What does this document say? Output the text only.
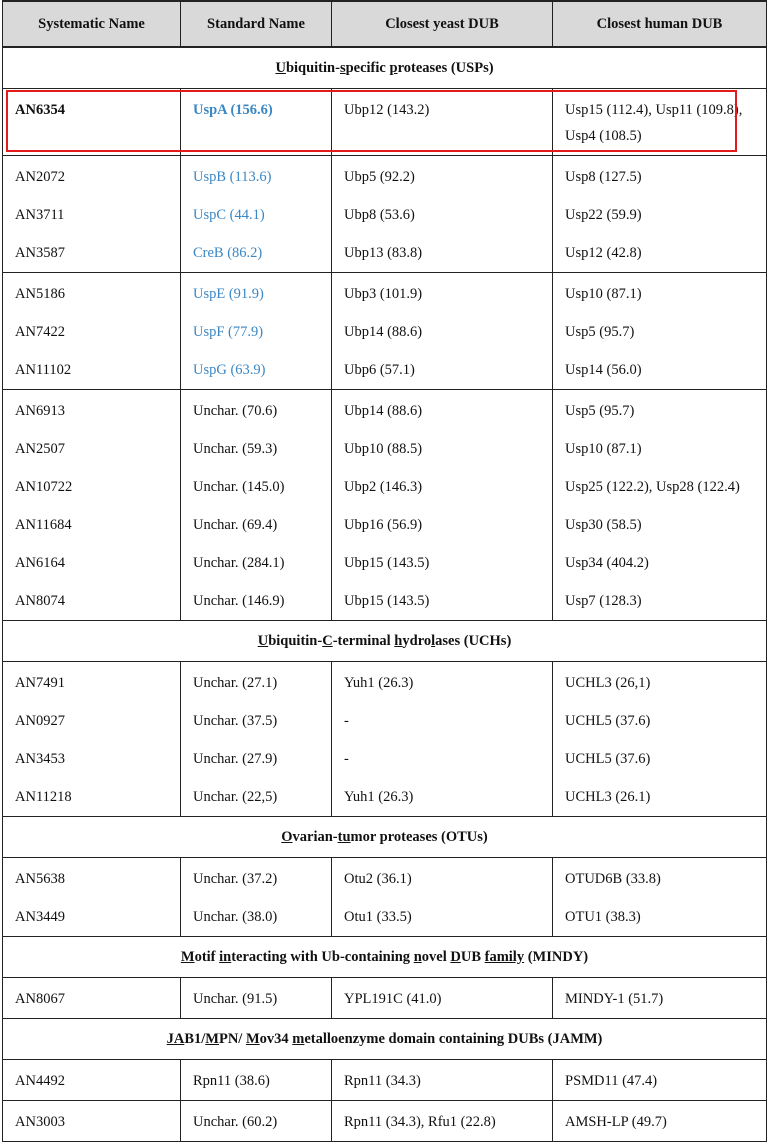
Systematic Name	Standard Name	Closest yeast DUB	Closest human DUB
Ubiquitin-specific proteases (USPs)			
AN6354	UspA (156.6)	Ubp12 (143.2)	Usp15 (112.4), Usp11 (109.8), Usp4 (108.5)
AN2072	UspB (113.6)	Ubp5 (92.2)	Usp8 (127.5)
AN3711	UspC (44.1)	Ubp8 (53.6)	Usp22 (59.9)
AN3587	CreB (86.2)	Ubp13 (83.8)	Usp12 (42.8)
AN5186	UspE (91.9)	Ubp3 (101.9)	Usp10 (87.1)
AN7422	UspF (77.9)	Ubp14 (88.6)	Usp5 (95.7)
AN11102	UspG (63.9)	Ubp6 (57.1)	Usp14 (56.0)
AN6913	Unchar. (70.6)	Ubp14 (88.6)	Usp5 (95.7)
AN2507	Unchar. (59.3)	Ubp10 (88.5)	Usp10 (87.1)
AN10722	Unchar. (145.0)	Ubp2 (146.3)	Usp25 (122.2), Usp28 (122.4)
AN11684	Unchar. (69.4)	Ubp16 (56.9)	Usp30 (58.5)
AN6164	Unchar. (284.1)	Ubp15 (143.5)	Usp34 (404.2)
AN8074	Unchar. (146.9)	Ubp15 (143.5)	Usp7 (128.3)
Ubiquitin-C-terminal hydrolases (UCHs)			
AN7491	Unchar. (27.1)	Yuh1 (26.3)	UCHL3 (26,1)
AN0927	Unchar. (37.5)	-	UCHL5 (37.6)
AN3453	Unchar. (27.9)	-	UCHL5 (37.6)
AN11218	Unchar. (22,5)	Yuh1 (26.3)	UCHL3 (26.1)
Ovarian-tumor proteases (OTUs)			
AN5638	Unchar. (37.2)	Otu2 (36.1)	OTUD6B (33.8)
AN3449	Unchar. (38.0)	Otu1 (33.5)	OTU1 (38.3)
Motif interacting with Ub-containing novel DUB family (MINDY)			
AN8067	Unchar. (91.5)	YPL191C (41.0)	MINDY-1 (51.7)
JAB1/MPN/ Mov34 metalloenzyme domain containing DUBs (JAMM)			
AN4492	Rpn11 (38.6)	Rpn11 (34.3)	PSMD11 (47.4)
AN3003	Unchar. (60.2)	Rpn11 (34.3), Rfu1 (22.8)	AMSH-LP (49.7)
